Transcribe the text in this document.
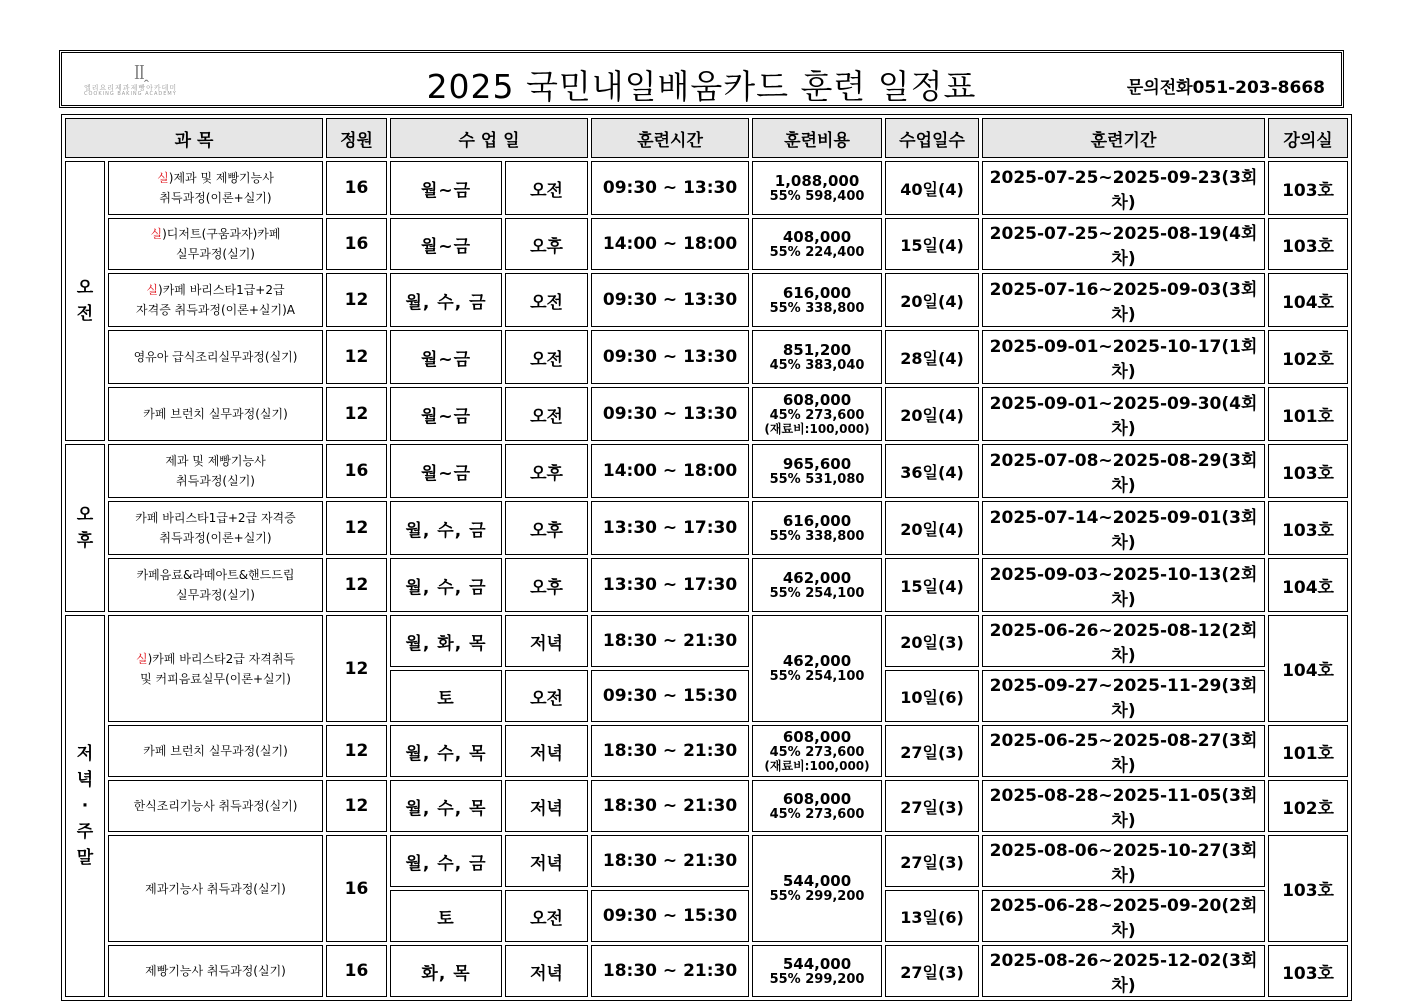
ꟾꟾꞈ
엘리요리제과제빵아카데미
COOKING BAKING ACADEMY	2025 국민내일배움카드 훈련 일정표	문의전화051-203-8668
과 목		정원	수 업 일		훈련시간	훈련비용	수업일수	훈련기간	강의실

오
전	실)제과 및 제빵기능사
취득과정(이론+실기)	16	월~금	오전	09:30 ~ 13:30	1,088,000
55% 598,400	40일(4)	2025-07-25~2025-09-23(3회차)	103호

	실)디저트(구움과자)카페
실무과정(실기)	16	월~금	오후	14:00 ~ 18:00	408,000
55% 224,400	15일(4)	2025-07-25~2025-08-19(4회차)	103호

	실)카페 바리스타1급+2급
자격증 취득과정(이론+실기)A	12	월, 수, 금	오전	09:30 ~ 13:30	616,000
55% 338,800	20일(4)	2025-07-16~2025-09-03(3회차)	104호

	영유아 급식조리실무과정(실기)	12	월~금	오전	09:30 ~ 13:30	851,200
45% 383,040	28일(4)	2025-09-01~2025-10-17(1회차)	102호

	카페 브런치 실무과정(실기)	12	월~금	오전	09:30 ~ 13:30	608,000
45% 273,600
(재료비:100,000)	20일(4)	2025-09-01~2025-09-30(4회차)	101호

오
후	제과 및 제빵기능사
취득과정(실기)	16	월~금	오후	14:00 ~ 18:00	965,600
55% 531,080	36일(4)	2025-07-08~2025-08-29(3회차)	103호

	카페 바리스타1급+2급 자격증
취득과정(이론+실기)	12	월, 수, 금	오후	13:30 ~ 17:30	616,000
55% 338,800	20일(4)	2025-07-14~2025-09-01(3회차)	103호

	카페음료&라떼아트&핸드드립
실무과정(실기)	12	월, 수, 금	오후	13:30 ~ 17:30	462,000
55% 254,100	15일(4)	2025-09-03~2025-10-13(2회차)	104호

저
녁
·
주
말	실)카페 바리스타2급 자격취득
및 커피음료실무(이론+실기)	12	월, 화, 목	저녁	18:30 ~ 21:30	462,000
55% 254,100	20일(3)	2025-06-26~2025-08-12(2회차)	104호
			토	오전	09:30 ~ 15:30		10일(6)	2025-09-27~2025-11-29(3회차)	

	카페 브런치 실무과정(실기)	12	월, 수, 목	저녁	18:30 ~ 21:30	608,000
45% 273,600
(재료비:100,000)	27일(3)	2025-06-25~2025-08-27(3회차)	101호

	한식조리기능사 취득과정(실기)	12	월, 수, 목	저녁	18:30 ~ 21:30	608,000
45% 273,600	27일(3)	2025-08-28~2025-11-05(3회차)	102호

	제과기능사 취득과정(실기)	16	월, 수, 금	저녁	18:30 ~ 21:30	544,000
55% 299,200	27일(3)	2025-08-06~2025-10-27(3회차)	103호
			토	오전	09:30 ~ 15:30		13일(6)	2025-06-28~2025-09-20(2회차)	

	제빵기능사 취득과정(실기)	16	화, 목	저녁	18:30 ~ 21:30	544,000
55% 299,200	27일(3)	2025-08-26~2025-12-02(3회차)	103호
